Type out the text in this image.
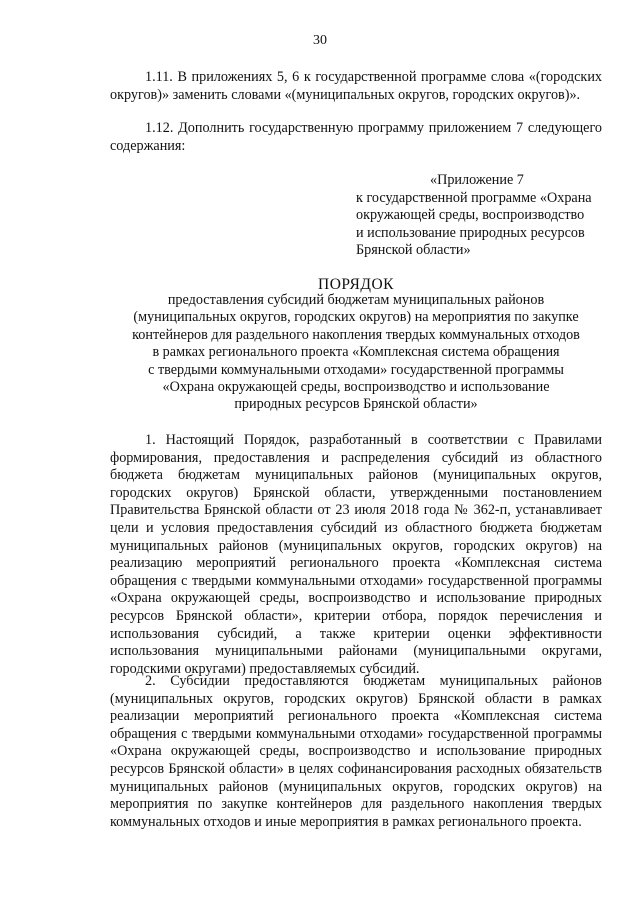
30

1.11. В приложениях 5, 6 к государственной программе слова «(городских округов)» заменить словами «(муниципальных округов, городских округов)».

1.12. Дополнить государственную программу приложением 7 следующего содержания:

«Приложение 7
к государственной программе «Охрана
окружающей среды, воспроизводство
и использование природных ресурсов
Брянской области»
ПОРЯДОК
предоставления субсидий бюджетам муниципальных районов
(муниципальных округов, городских округов) на мероприятия по закупке
контейнеров для раздельного накопления твердых коммунальных отходов
в рамках регионального проекта «Комплексная система обращения
с твердыми коммунальными отходами» государственной программы
«Охрана окружающей среды, воспроизводство и использование
природных ресурсов Брянской области»

1. Настоящий Порядок, разработанный в соответствии с Правилами формирования, предоставления и распределения субсидий из областного бюджета бюджетам муниципальных районов (муниципальных округов, городских округов) Брянской области, утвержденными постановлением Правительства Брянской области от 23 июля 2018 года № 362-п, устанавливает цели и условия предоставления субсидий из областного бюджета бюджетам муниципальных районов (муниципальных округов, городских округов) на реализацию мероприятий регионального проекта «Комплексная система обращения с твердыми коммунальными отходами» государственной программы «Охрана окружающей среды, воспроизводство и использование природных ресурсов Брянской области», критерии отбора, порядок перечисления и использования субсидий, а также критерии оценки эффективности использования муниципальными районами (муниципальными округами, городскими округами) предоставляемых субсидий.

2. Субсидии предоставляются бюджетам муниципальных районов (муниципальных округов, городских округов) Брянской области в рамках реализации мероприятий регионального проекта «Комплексная система обращения с твердыми коммунальными отходами» государственной программы «Охрана окружающей среды, воспроизводство и использование природных ресурсов Брянской области» в целях софинансирования расходных обязательств муниципальных районов (муниципальных округов, городских округов) на мероприятия по закупке контейнеров для раздельного накопления твердых коммунальных отходов и иные мероприятия в рамках регионального проекта.
